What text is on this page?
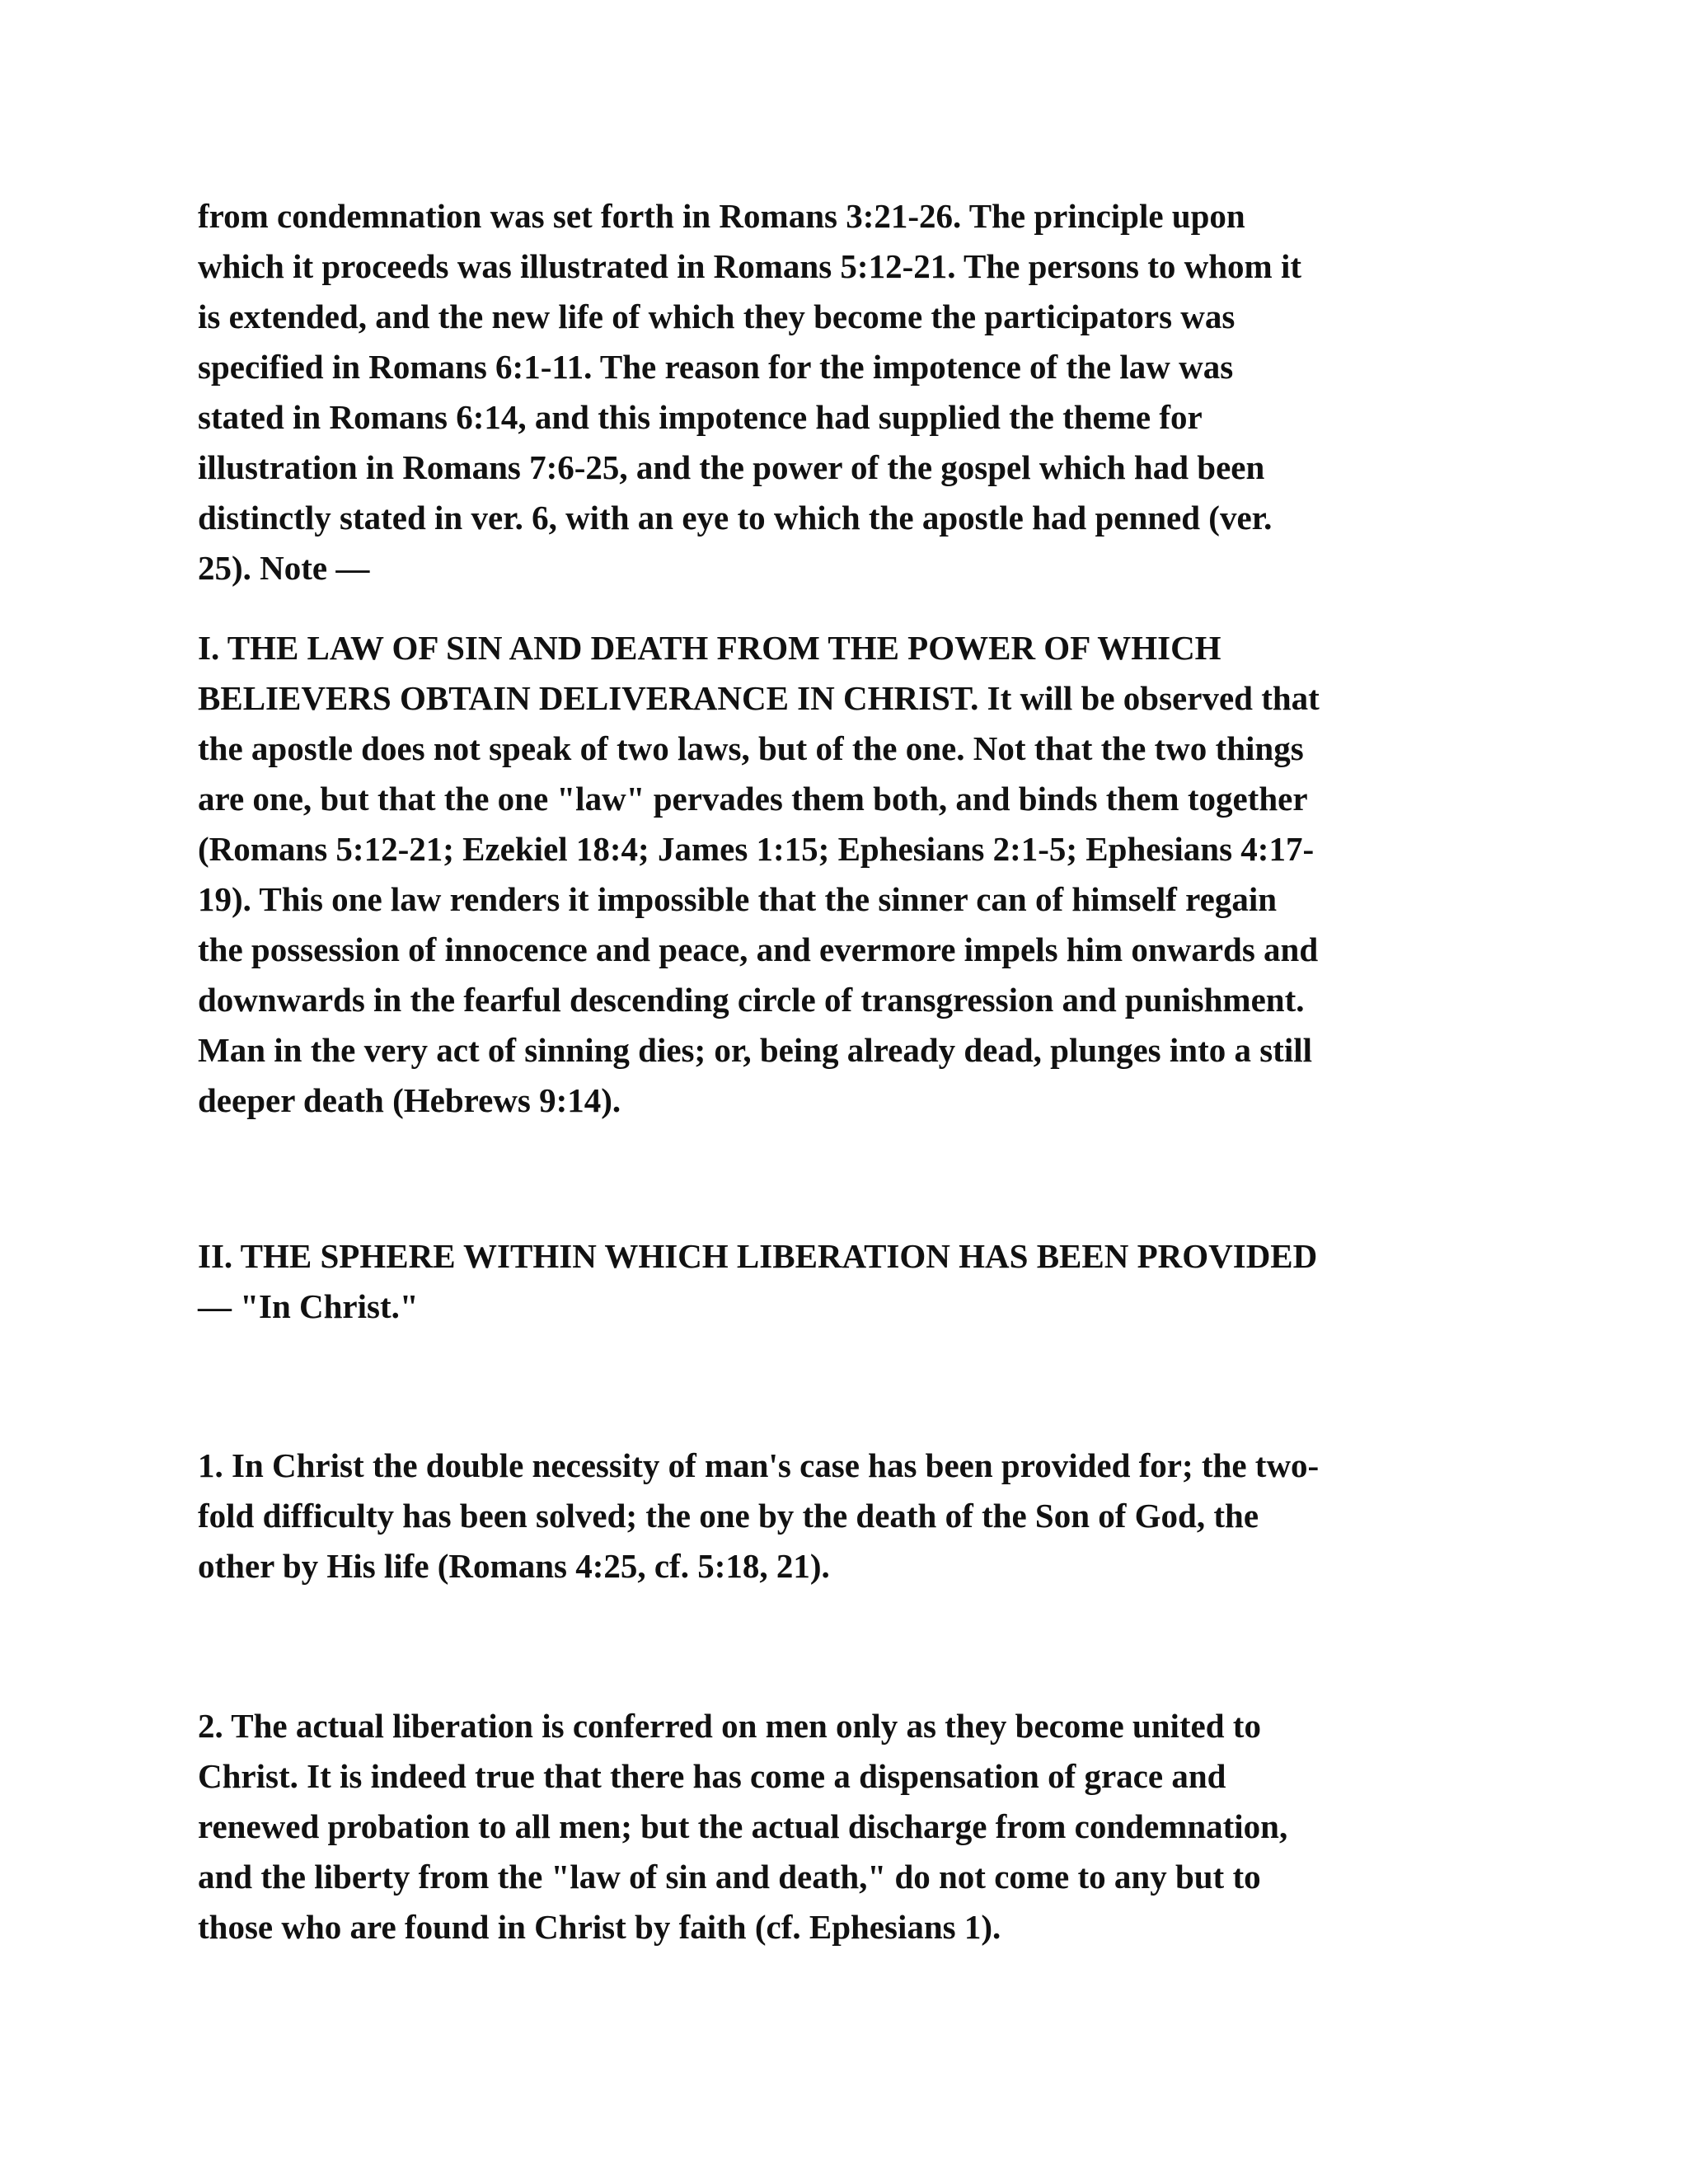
from condemnation was set forth in Romans 3:21-26. The principle upon
which it proceeds was illustrated in Romans 5:12-21. The persons to whom it
is extended, and the new life of which they become the participators was
specified in Romans 6:1-11. The reason for the impotence of the law was
stated in Romans 6:14, and this impotence had supplied the theme for
illustration in Romans 7:6-25, and the power of the gospel which had been
distinctly stated in ver. 6, with an eye to which the apostle had penned (ver.
25). Note —

I. THE LAW OF SIN AND DEATH FROM THE POWER OF WHICH
BELIEVERS OBTAIN DELIVERANCE IN CHRIST. It will be observed that
the apostle does not speak of two laws, but of the one. Not that the two things
are one, but that the one "law" pervades them both, and binds them together
(Romans 5:12-21; Ezekiel 18:4; James 1:15; Ephesians 2:1-5; Ephesians 4:17-
19). This one law renders it impossible that the sinner can of himself regain
the possession of innocence and peace, and evermore impels him onwards and
downwards in the fearful descending circle of transgression and punishment.
Man in the very act of sinning dies; or, being already dead, plunges into a still
deeper death (Hebrews 9:14).

II. THE SPHERE WITHIN WHICH LIBERATION HAS BEEN PROVIDED
— "In Christ."

1. In Christ the double necessity of man's case has been provided for; the two-
fold difficulty has been solved; the one by the death of the Son of God, the
other by His life (Romans 4:25, cf. 5:18, 21).

2. The actual liberation is conferred on men only as they become united to
Christ. It is indeed true that there has come a dispensation of grace and
renewed probation to all men; but the actual discharge from condemnation,
and the liberty from the "law of sin and death," do not come to any but to
those who are found in Christ by faith (cf. Ephesians 1).
